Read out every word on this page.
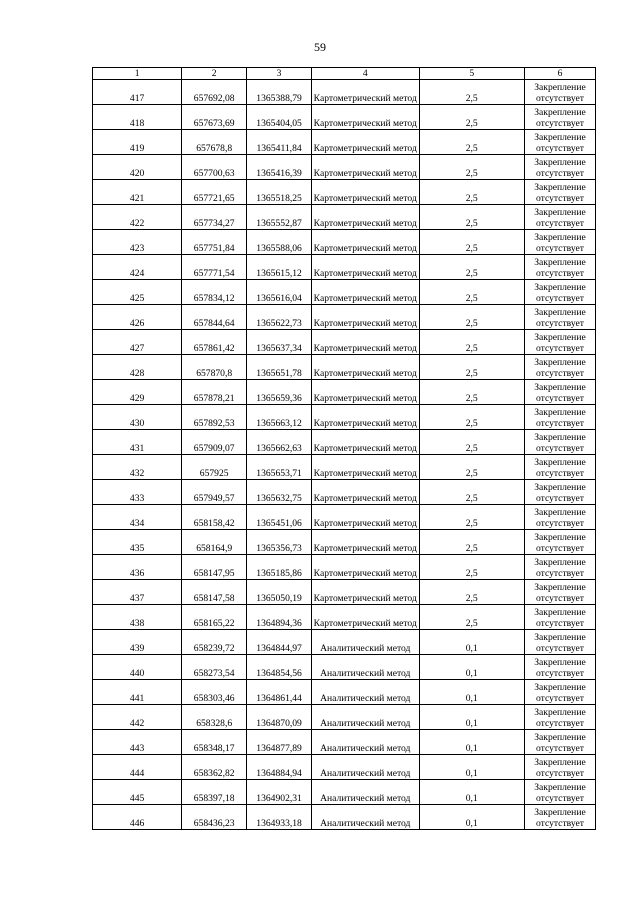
59
1	2	3	4	5	6
417	657692,08	1365388,79	Картометрический метод	2,5	Закрепление отсутствует
418	657673,69	1365404,05	Картометрический метод	2,5	Закрепление отсутствует
419	657678,8	1365411,84	Картометрический метод	2,5	Закрепление отсутствует
420	657700,63	1365416,39	Картометрический метод	2,5	Закрепление отсутствует
421	657721,65	1365518,25	Картометрический метод	2,5	Закрепление отсутствует
422	657734,27	1365552,87	Картометрический метод	2,5	Закрепление отсутствует
423	657751,84	1365588,06	Картометрический метод	2,5	Закрепление отсутствует
424	657771,54	1365615,12	Картометрический метод	2,5	Закрепление отсутствует
425	657834,12	1365616,04	Картометрический метод	2,5	Закрепление отсутствует
426	657844,64	1365622,73	Картометрический метод	2,5	Закрепление отсутствует
427	657861,42	1365637,34	Картометрический метод	2,5	Закрепление отсутствует
428	657870,8	1365651,78	Картометрический метод	2,5	Закрепление отсутствует
429	657878,21	1365659,36	Картометрический метод	2,5	Закрепление отсутствует
430	657892,53	1365663,12	Картометрический метод	2,5	Закрепление отсутствует
431	657909,07	1365662,63	Картометрический метод	2,5	Закрепление отсутствует
432	657925	1365653,71	Картометрический метод	2,5	Закрепление отсутствует
433	657949,57	1365632,75	Картометрический метод	2,5	Закрепление отсутствует
434	658158,42	1365451,06	Картометрический метод	2,5	Закрепление отсутствует
435	658164,9	1365356,73	Картометрический метод	2,5	Закрепление отсутствует
436	658147,95	1365185,86	Картометрический метод	2,5	Закрепление отсутствует
437	658147,58	1365050,19	Картометрический метод	2,5	Закрепление отсутствует
438	658165,22	1364894,36	Картометрический метод	2,5	Закрепление отсутствует
439	658239,72	1364844,97	Аналитический метод	0,1	Закрепление отсутствует
440	658273,54	1364854,56	Аналитический метод	0,1	Закрепление отсутствует
441	658303,46	1364861,44	Аналитический метод	0,1	Закрепление отсутствует
442	658328,6	1364870,09	Аналитический метод	0,1	Закрепление отсутствует
443	658348,17	1364877,89	Аналитический метод	0,1	Закрепление отсутствует
444	658362,82	1364884,94	Аналитический метод	0,1	Закрепление отсутствует
445	658397,18	1364902,31	Аналитический метод	0,1	Закрепление отсутствует
446	658436,23	1364933,18	Аналитический метод	0,1	Закрепление отсутствует
